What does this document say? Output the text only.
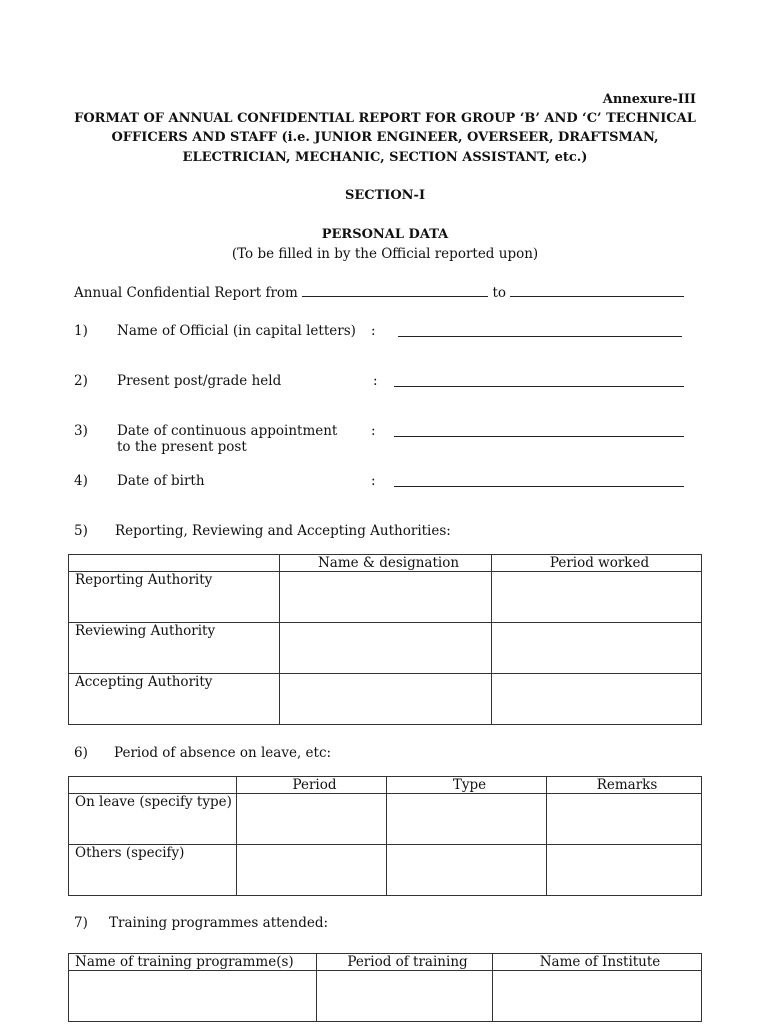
Annexure-III
FORMAT OF ANNUAL CONFIDENTIAL REPORT FOR GROUP ‘B’ AND ‘C’ TECHNICAL
OFFICERS AND STAFF (i.e. JUNIOR ENGINEER, OVERSEER, DRAFTSMAN,
ELECTRICIAN, MECHANIC, SECTION ASSISTANT, etc.)
SECTION-I
PERSONAL DATA
(To be filled in by the Official reported upon)
Annual Confidential Report from	to
1) Name of Official (in capital letters) :
2) Present post/grade held	:
3) Date of continuous appointment
to the present post
:
4) Date of birth	:
5) Reporting, Reviewing and Accepting Authorities:
	Name & designation	Period worked
Reporting Authority		
Reviewing Authority		
Accepting Authority		
6) Period of absence on leave, etc:
	Period	Type	Remarks
On leave (specify type)			
Others (specify)			
7) Training programmes attended:
Name of training programme(s)	Period of training	Name of Institute
